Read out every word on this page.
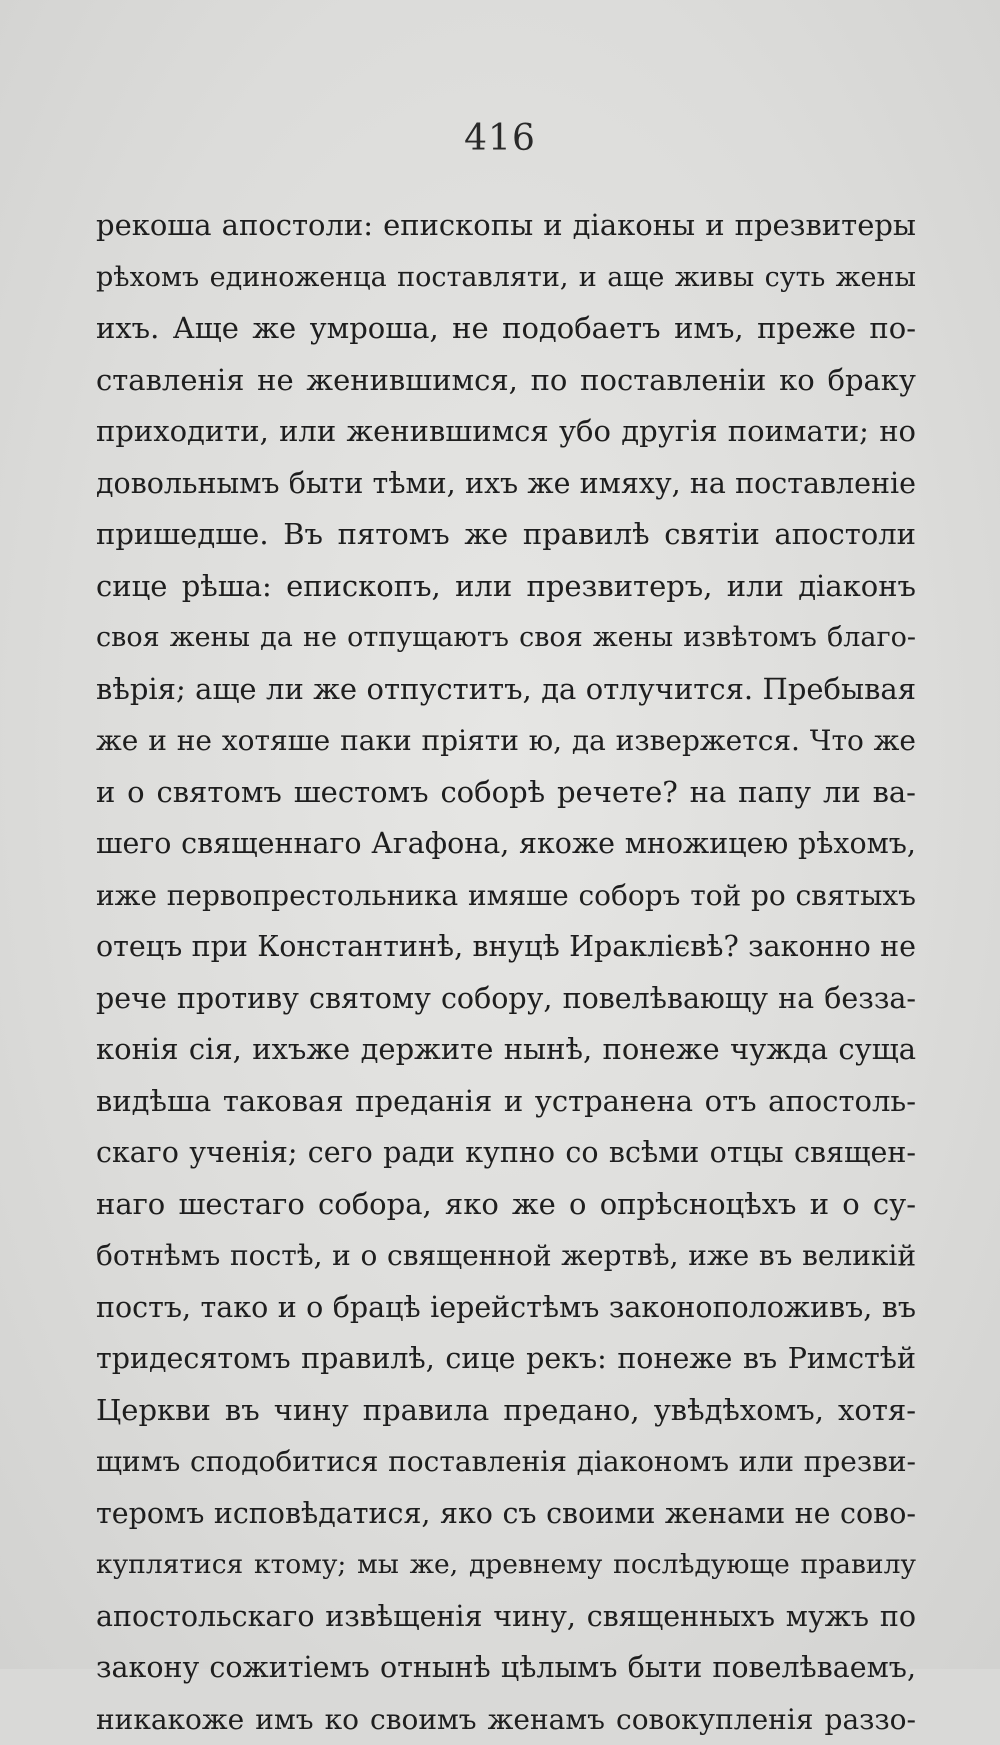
416
рекоша апостоли: епископы и діаконы и презвитеры
рѣхомъ единоженца поставляти, и аще живы суть жены
ихъ. Аще же умроша, не подобаетъ имъ, преже по-
ставленія не женившимся, по поставленіи ко браку
приходити, или женившимся убо другія поимати; но
довольнымъ быти тѣми, ихъ же имяху, на поставленіе
пришедше. Въ пятомъ же правилѣ святіи апостоли
сице рѣша: епископъ, или презвитеръ, или діаконъ
своя жены да не отпущаютъ своя жены извѣтомъ благо-
вѣрія; аще ли же отпуститъ, да отлучится. Пребывая
же и не хотяше паки пріяти ю, да извержется. Что же
и о святомъ шестомъ соборѣ речете? на папу ли ва-
шего священнаго Агафона, якоже множицею рѣхомъ,
иже первопрестольника имяше соборъ той ро святыхъ
отецъ при Константинѣ, внуцѣ Ираклієвѣ? законно не
рече противу святому собору, повелѣвающу на безза-
конія сія, ихъже держите нынѣ, понеже чужда суща
видѣша таковая преданія и устранена отъ апостоль-
скаго ученія; сего ради купно со всѣми отцы священ-
наго шестаго собора, яко же о опрѣсноцѣхъ и о су-
ботнѣмъ постѣ, и о священной жертвѣ, иже въ великій
постъ, тако и о брацѣ іерейстѣмъ законоположивъ, въ
тридесятомъ правилѣ, сице рекъ: понеже въ Римстѣй
Церкви въ чину правила предано, увѣдѣхомъ, хотя-
щимъ сподобитися поставленія діакономъ или презви-
теромъ исповѣдатися, яко съ своими женами не сово-
куплятися ктому; мы же, древнему послѣдующе правилу
апостольскаго извѣщенія чину, священныхъ мужъ по
закону сожитіемъ отнынѣ цѣлымъ быти повелѣваемъ,
никакоже имъ ко своимъ женамъ совокупленія раззо-
